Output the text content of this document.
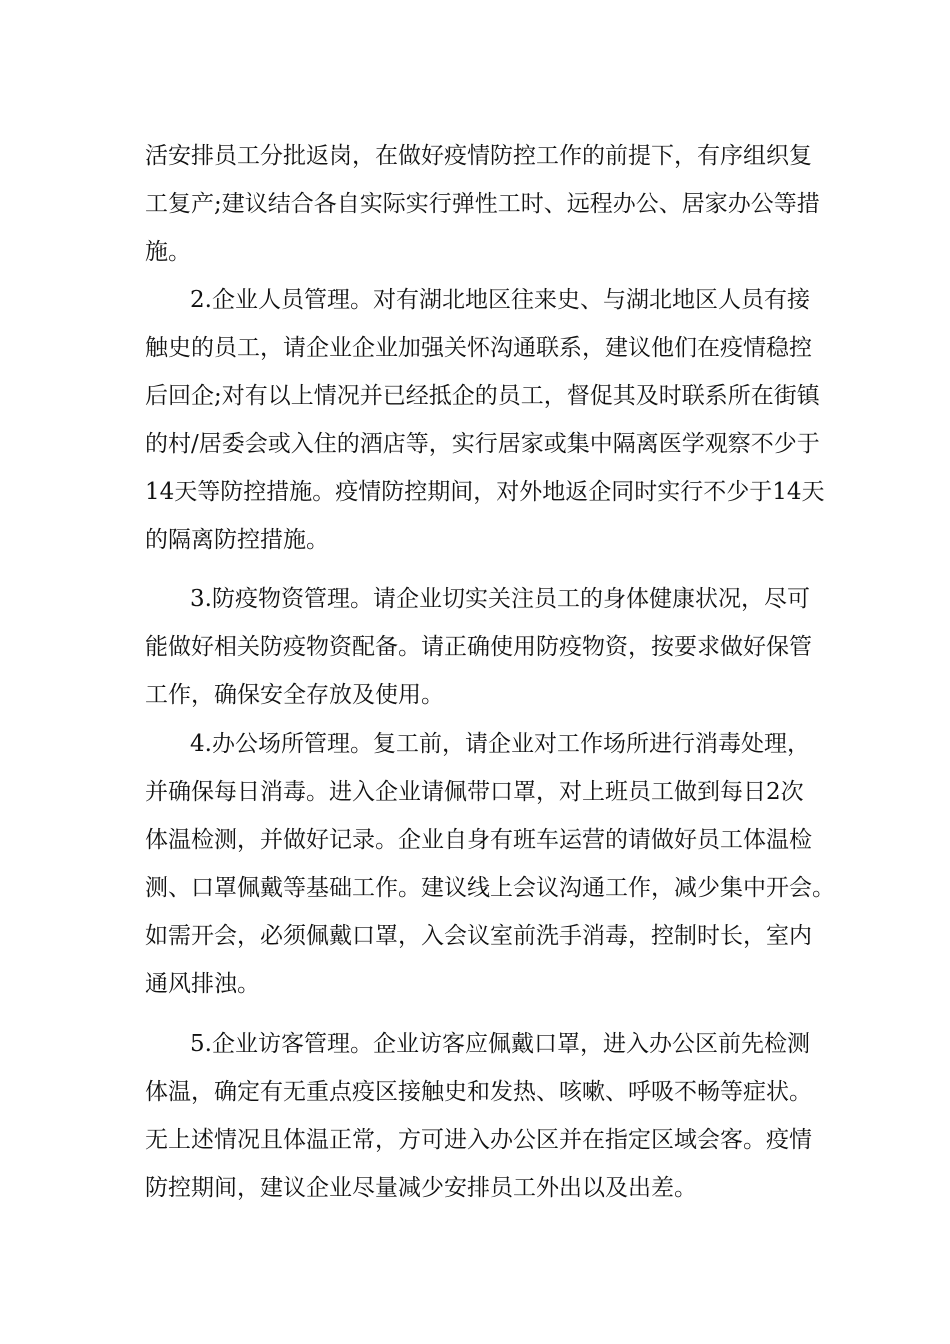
活安排员工分批返岗，在做好疫情防控工作的前提下，有序组织复
工复产;建议结合各自实际实行弹性工时、远程办公、居家办公等措
施。
2.企业人员管理。对有湖北地区往来史、与湖北地区人员有接
触史的员工，请企业企业加强关怀沟通联系，建议他们在疫情稳控
后回企;对有以上情况并已经抵企的员工，督促其及时联系所在街镇
的村/居委会或入住的酒店等，实行居家或集中隔离医学观察不少于
14天等防控措施。疫情防控期间，对外地返企同时实行不少于14天
的隔离防控措施。
3.防疫物资管理。请企业切实关注员工的身体健康状况，尽可
能做好相关防疫物资配备。请正确使用防疫物资，按要求做好保管
工作，确保安全存放及使用。
4.办公场所管理。复工前，请企业对工作场所进行消毒处理，
并确保每日消毒。进入企业请佩带口罩，对上班员工做到每日2次
体温检测，并做好记录。企业自身有班车运营的请做好员工体温检
测、口罩佩戴等基础工作。建议线上会议沟通工作，减少集中开会。
如需开会，必须佩戴口罩，入会议室前洗手消毒，控制时长，室内
通风排浊。
5.企业访客管理。企业访客应佩戴口罩，进入办公区前先检测
体温，确定有无重点疫区接触史和发热、咳嗽、呼吸不畅等症状。
无上述情况且体温正常，方可进入办公区并在指定区域会客。疫情
防控期间，建议企业尽量减少安排员工外出以及出差。
